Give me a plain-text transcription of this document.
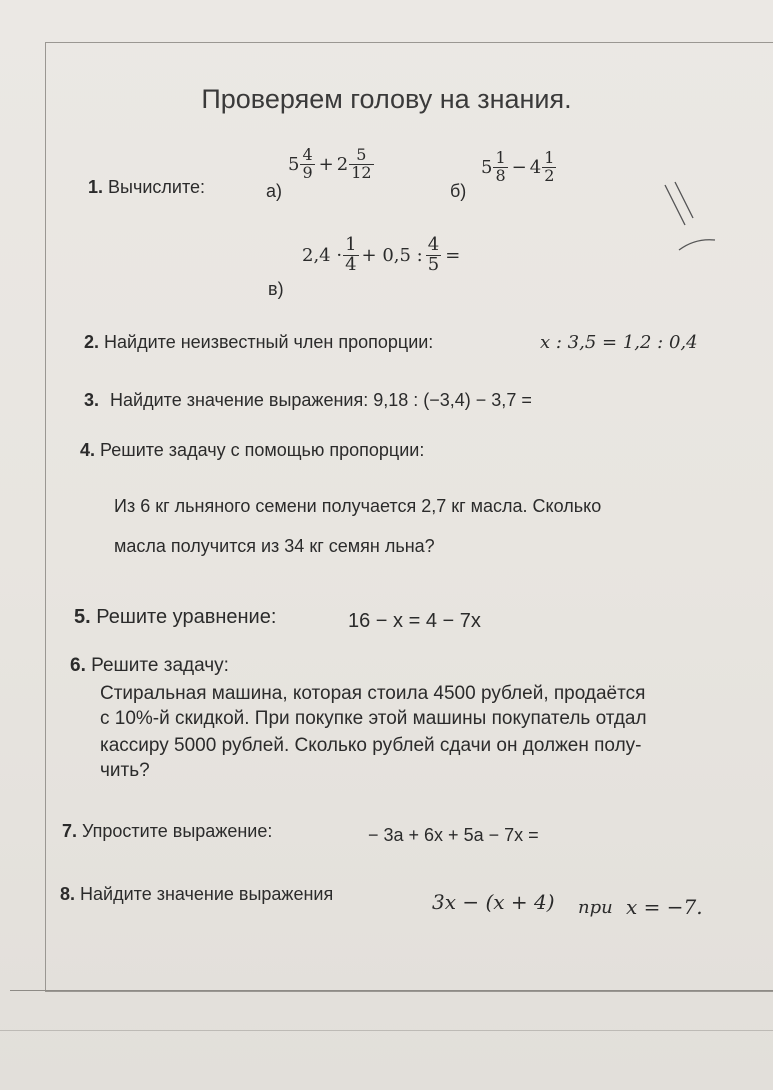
Проверяем голову на знания.
1. Вычислите:	а)
$5 \frac{4}{9} + 2 \frac{5}{12}$
б)
$5 \frac{1}{8} - 4 \frac{1}{2}$
в)
$2,4 \cdot \frac{1}{4} + 0,5$ : $\frac{4}{5}$ =
2. Найдите неизвестный член пропорции:	x : 3,5 = 1,2 : 0,4
3. Найдите значение выражения: 9,18 : (−3,4) − 3,7 =
4. Решите задачу с помощью пропорции:
Из 6 кг льняного семени получается 2,7 кг масла. Сколько
масла получится из 34 кг семян льна?
5. Решите уравнение:	16 − x = 4 − 7x
6. Решите задачу:
Стиральная машина, которая стоила 4500 рублей, продаётся
с 10%-й скидкой. При покупке этой машины покупатель отдал
кассиру 5000 рублей. Сколько рублей сдачи он должен полу-
чить?
7. Упростите выражение:	− 3a + 6x + 5a − 7x =
8. Найдите значение выражения	3x − (x + 4) при x = −7.
